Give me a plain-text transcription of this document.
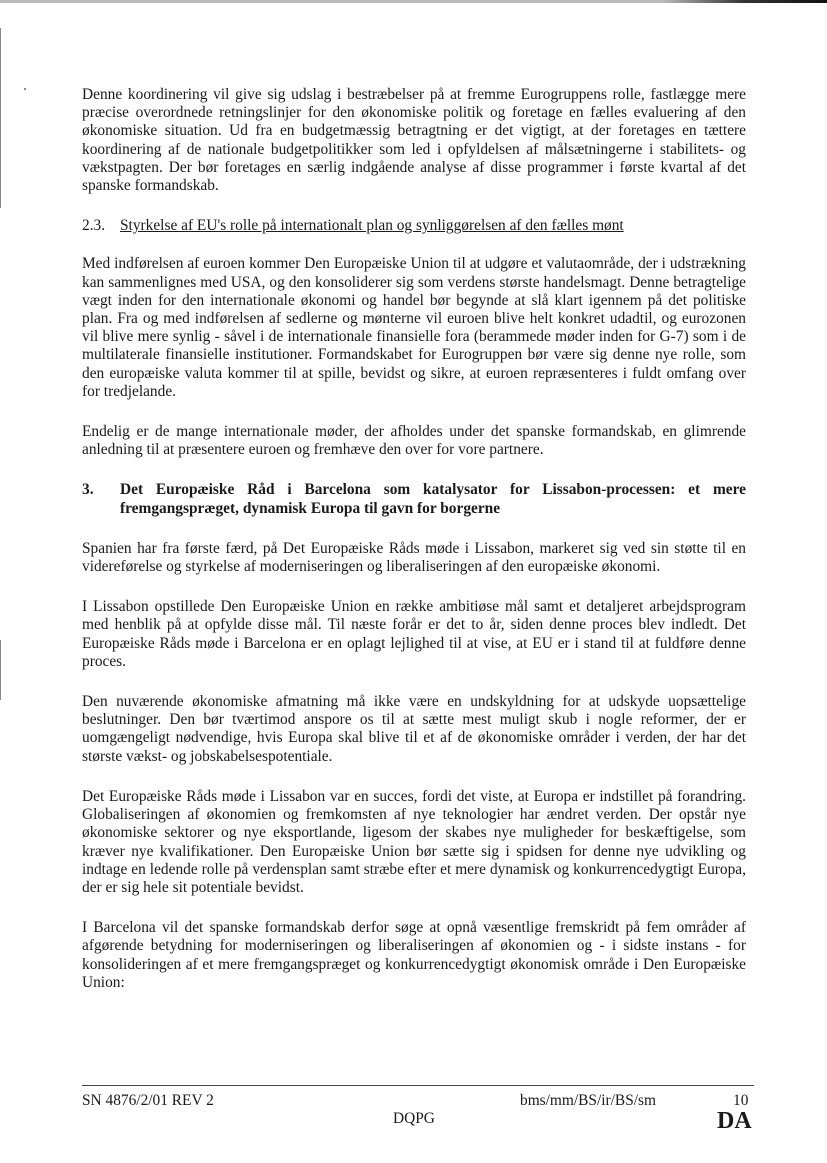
Denne koordinering vil give sig udslag i bestræbelser på at fremme Eurogruppens rolle, fastlægge mere præcise overordnede retningslinjer for den økonomiske politik og foretage en fælles evaluering af den økonomiske situation. Ud fra en budgetmæssig betragtning er det vigtigt, at der foretages en tættere koordinering af de nationale budgetpolitikker som led i opfyldelsen af målsætningerne i stabilitets- og vækstpagten. Der bør foretages en særlig indgående analyse af disse programmer i første kvartal af det spanske formandskab.

2.3. Styrkelse af EU's rolle på internationalt plan og synliggørelsen af den fælles mønt

Med indførelsen af euroen kommer Den Europæiske Union til at udgøre et valutaområde, der i udstrækning kan sammenlignes med USA, og den konsoliderer sig som verdens største handelsmagt. Denne betragtelige vægt inden for den internationale økonomi og handel bør begynde at slå klart igennem på det politiske plan. Fra og med indførelsen af sedlerne og mønterne vil euroen blive helt konkret udadtil, og eurozonen vil blive mere synlig - såvel i de internationale finansielle fora (berammede møder inden for G-7) som i de multilaterale finansielle institutioner. Formandskabet for Eurogruppen bør være sig denne nye rolle, som den europæiske valuta kommer til at spille, bevidst og sikre, at euroen repræsenteres i fuldt omfang over for tredjelande.

Endelig er de mange internationale møder, der afholdes under det spanske formandskab, en glimrende anledning til at præsentere euroen og fremhæve den over for vore partnere.

3.	Det Europæiske Råd i Barcelona som katalysator for Lissabon-processen: et mere fremgangspræget, dynamisk Europa til gavn for borgerne

Spanien har fra første færd, på Det Europæiske Råds møde i Lissabon, markeret sig ved sin støtte til en videreførelse og styrkelse af moderniseringen og liberaliseringen af den europæiske økonomi.

I Lissabon opstillede Den Europæiske Union en række ambitiøse mål samt et detaljeret arbejdsprogram med henblik på at opfylde disse mål. Til næste forår er det to år, siden denne proces blev indledt. Det Europæiske Råds møde i Barcelona er en oplagt lejlighed til at vise, at EU er i stand til at fuldføre denne proces.

Den nuværende økonomiske afmatning må ikke være en undskyldning for at udskyde uopsættelige beslutninger. Den bør tværtimod anspore os til at sætte mest muligt skub i nogle reformer, der er uomgængeligt nødvendige, hvis Europa skal blive til et af de økonomiske områder i verden, der har det største vækst- og jobskabelsespotentiale.

Det Europæiske Råds møde i Lissabon var en succes, fordi det viste, at Europa er indstillet på forandring. Globaliseringen af økonomien og fremkomsten af nye teknologier har ændret verden. Der opstår nye økonomiske sektorer og nye eksportlande, ligesom der skabes nye muligheder for beskæftigelse, som kræver nye kvalifikationer. Den Europæiske Union bør sætte sig i spidsen for denne nye udvikling og indtage en ledende rolle på verdensplan samt stræbe efter et mere dynamisk og konkurrencedygtigt Europa, der er sig hele sit potentiale bevidst.

I Barcelona vil det spanske formandskab derfor søge at opnå væsentlige fremskridt på fem områder af afgørende betydning for moderniseringen og liberaliseringen af økonomien og - i sidste instans - for konsolideringen af et mere fremgangspræget og konkurrencedygtigt økonomisk område i Den Europæiske Union:

SN 4876/2/01 REV 2	bms/mm/BS/ir/BS/sm	10
DQPG	DA
